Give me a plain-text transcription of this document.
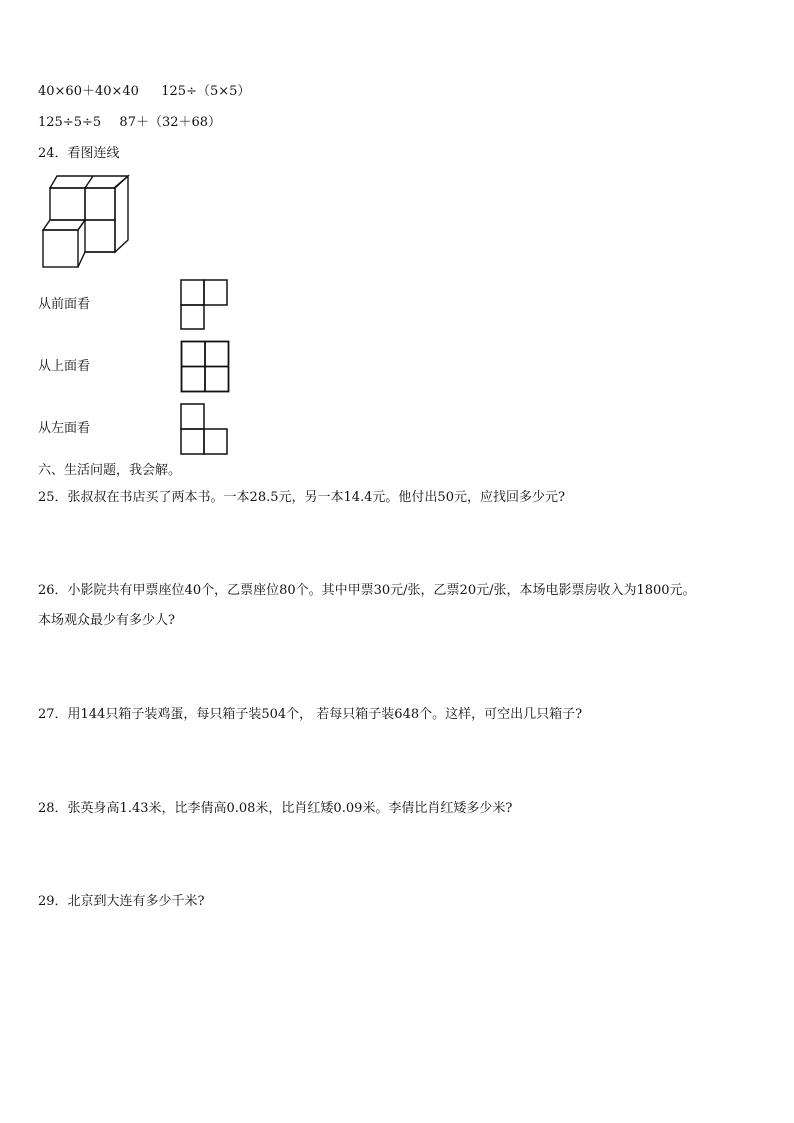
40×60＋40×40 125÷（5×5）
125÷5÷5 87＋（32＋68）
24．看图连线
从前面看
从上面看
从左面看
六、生活问题，我会解。
25．张叔叔在书店买了两本书。一本28.5元，另一本14.4元。他付出50元，应找回多少元?
26．小影院共有甲票座位40个，乙票座位80个。其中甲票30元/张，乙票20元/张，本场电影票房收入为1800元。
本场观众最少有多少人?
27．用144只箱子装鸡蛋，每只箱子装504个， 若每只箱子装648个。这样，可空出几只箱子?
28．张英身高1.43米，比李倩高0.08米，比肖红矮0.09米。李倩比肖红矮多少米?
29．北京到大连有多少千米?
